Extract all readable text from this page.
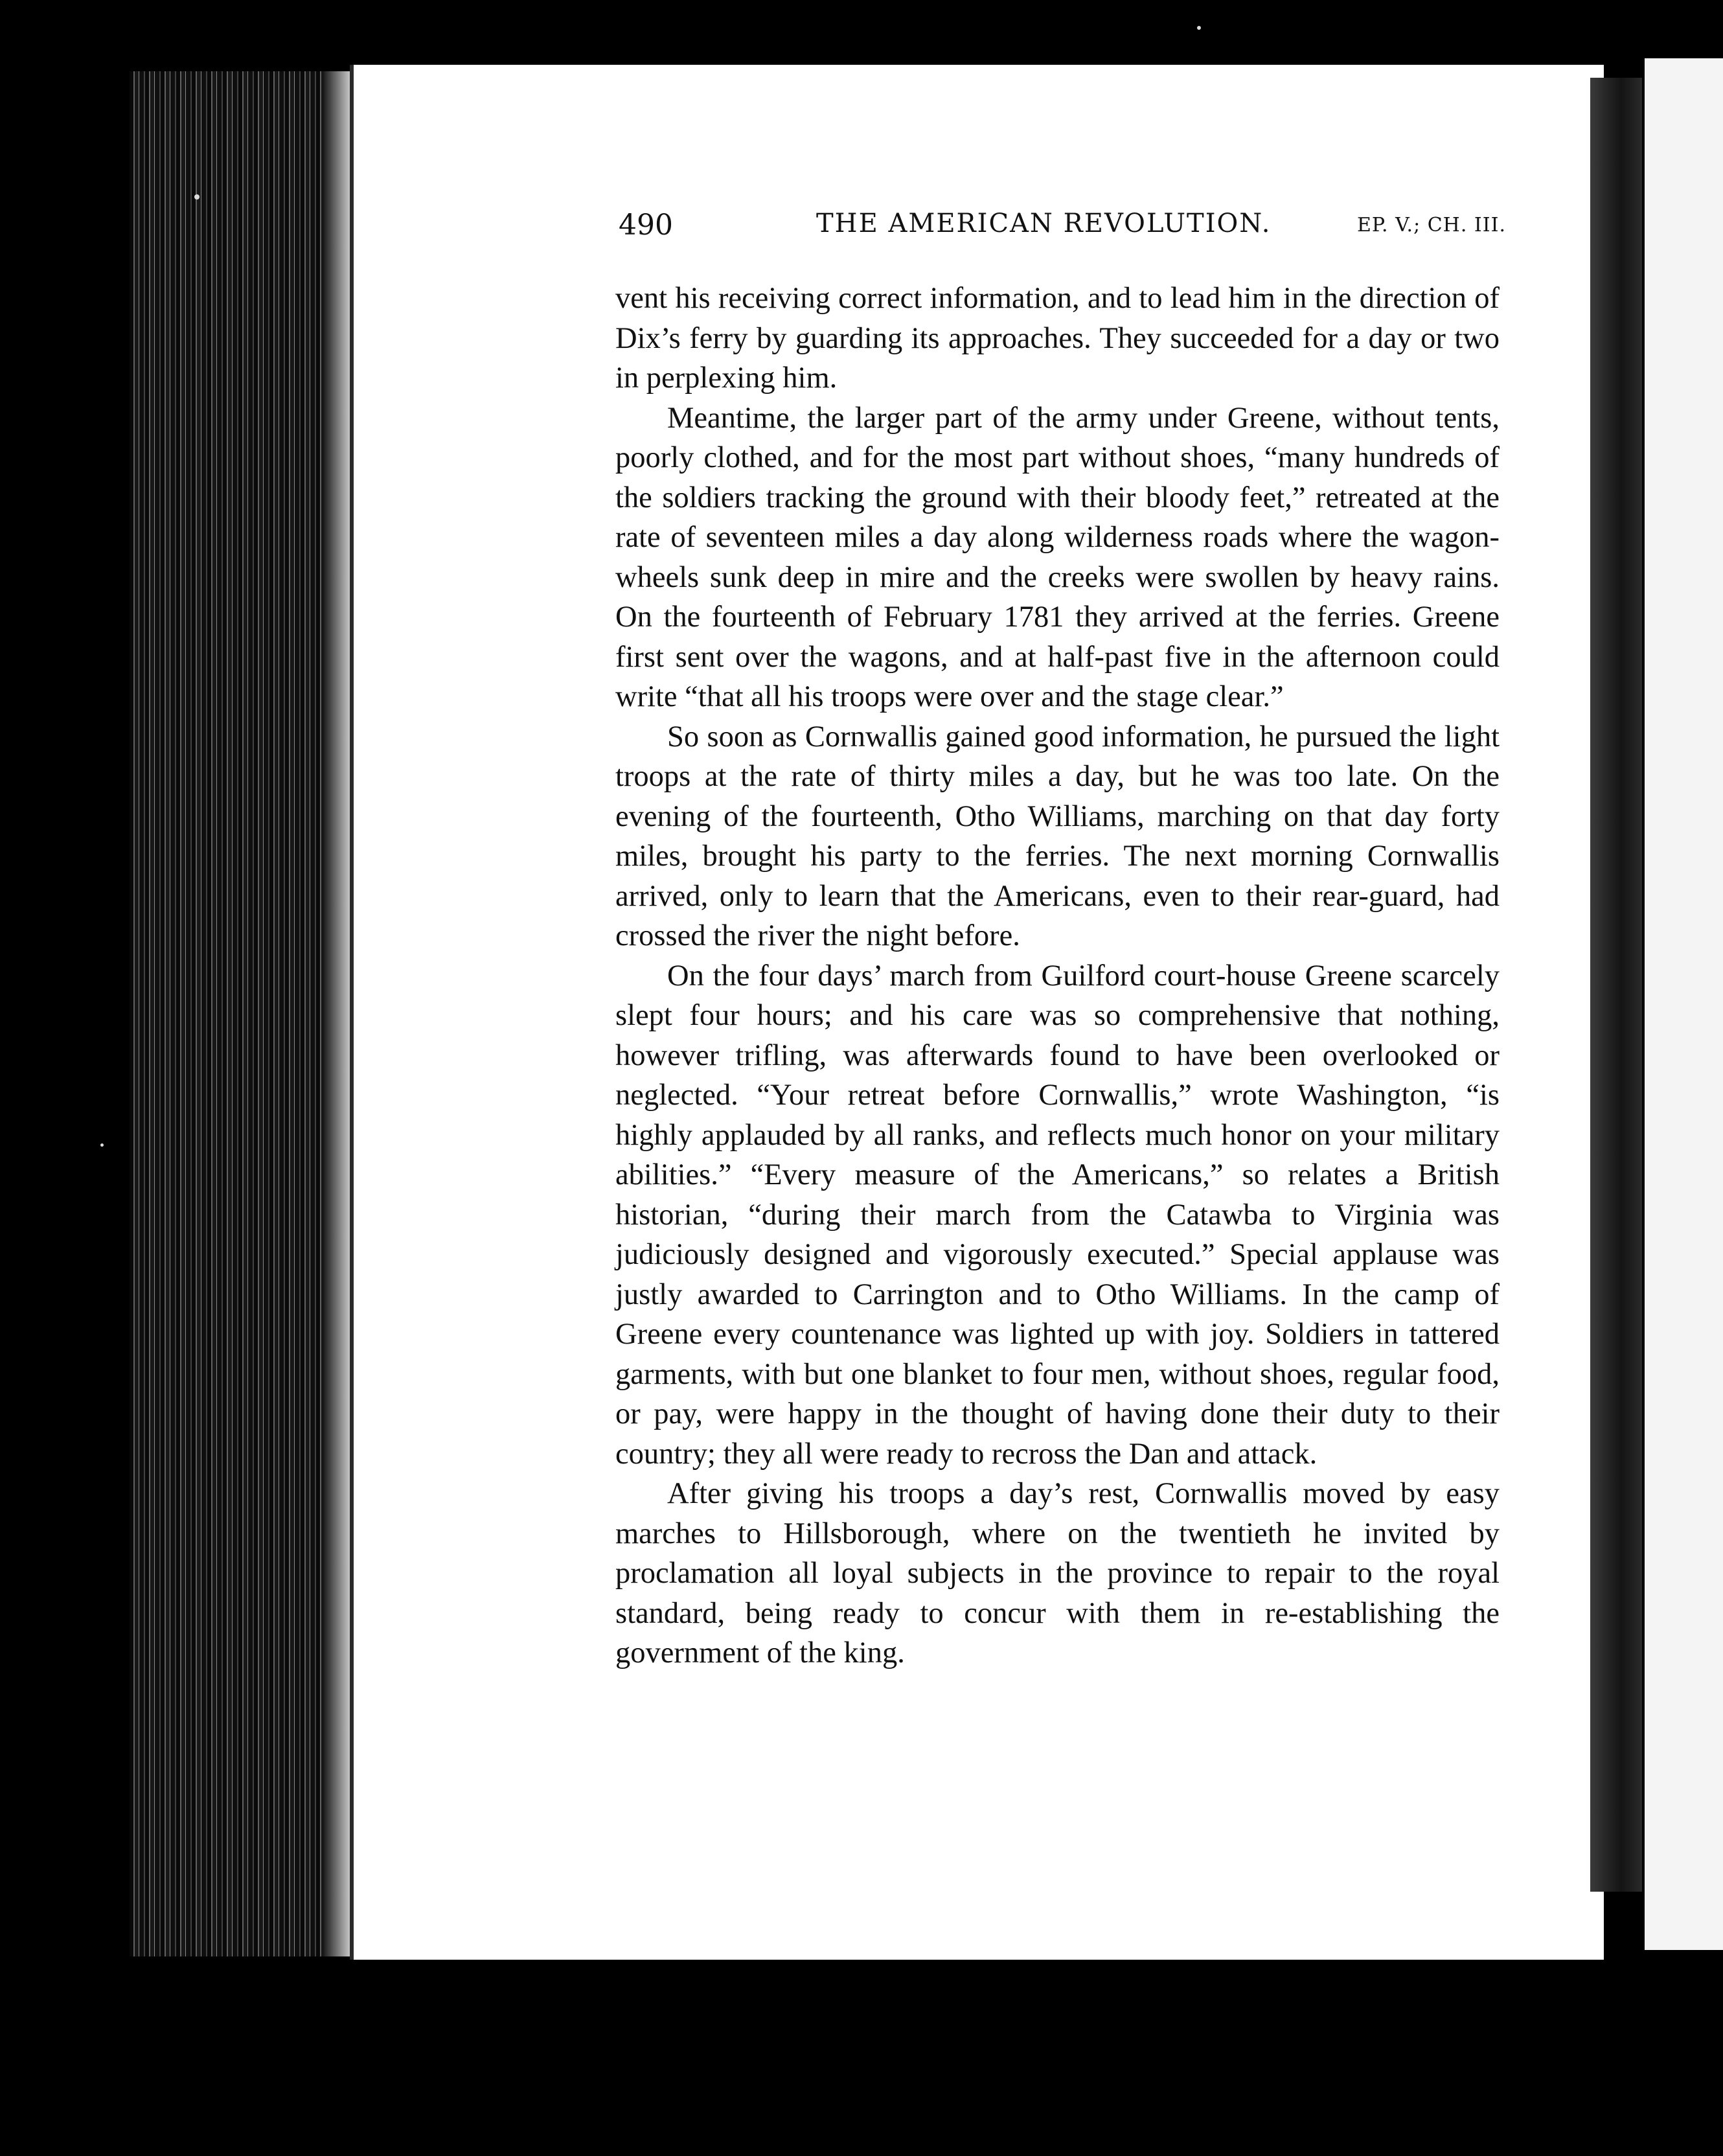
490	THE AMERICAN REVOLUTION.	EP. V.; CH. III.

vent his receiving correct information, and to lead him in the direction of Dix’s ferry by guarding its approaches. They succeeded for a day or two in perplexing him.

Meantime, the larger part of the army under Greene, without tents, poorly clothed, and for the most part without shoes, “many hundreds of the soldiers tracking the ground with their bloody feet,” retreated at the rate of seventeen miles a day along wilderness roads where the wagon-wheels sunk deep in mire and the creeks were swollen by heavy rains. On the fourteenth of February 1781 they arrived at the ferries. Greene first sent over the wagons, and at half-past five in the afternoon could write “that all his troops were over and the stage clear.”

So soon as Cornwallis gained good information, he pursued the light troops at the rate of thirty miles a day, but he was too late. On the evening of the fourteenth, Otho Williams, marching on that day forty miles, brought his party to the ferries. The next morning Cornwallis arrived, only to learn that the Americans, even to their rear-guard, had crossed the river the night before.

On the four days’ march from Guilford court-house Greene scarcely slept four hours; and his care was so comprehensive that nothing, however trifling, was afterwards found to have been overlooked or neglected. “Your retreat before Cornwallis,” wrote Washington, “is highly applauded by all ranks, and reflects much honor on your military abilities.” “Every measure of the Americans,” so relates a British historian, “during their march from the Catawba to Virginia was judiciously designed and vigorously executed.” Special applause was justly awarded to Carrington and to Otho Williams. In the camp of Greene every countenance was lighted up with joy. Soldiers in tattered garments, with but one blanket to four men, without shoes, regular food, or pay, were happy in the thought of having done their duty to their country; they all were ready to recross the Dan and attack.

After giving his troops a day’s rest, Cornwallis moved by easy marches to Hillsborough, where on the twentieth he invited by proclamation all loyal subjects in the province to repair to the royal standard, being ready to concur with them in re-establishing the government of the king.
